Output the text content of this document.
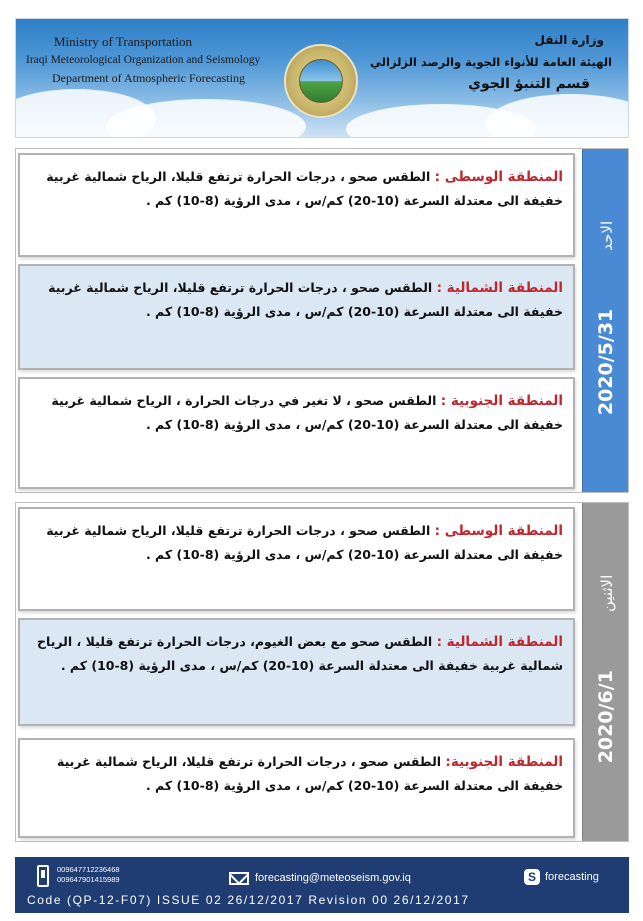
Ministry of Transportation
Iraqi Meteorological Organization and Seismology
Department of Atmospheric Forecasting
وزارة النقل
الهيئة العامة للأنواء الجوية والرصد الزلزالي
قسم التنبؤ الجوي

المنطقة الوسطى : الطقس صحو ، درجات الحرارة ترتفع قليلا، الرياح شمالية غربية خفيفة الى معتدلة السرعة (10-20) كم/س ، مدى الرؤية (8-10) كم .

المنطقة الشمالية : الطقس صحو ، درجات الحرارة ترتفع قليلا، الرياح شمالية غربية خفيفة الى معتدلة السرعة (10-20) كم/س ، مدى الرؤية (8-10) كم .

المنطقة الجنوبية : الطقس صحو ، لا تغير في درجات الحرارة ، الرياح شمالية غربية خفيفة الى معتدلة السرعة (10-20) كم/س ، مدى الرؤية (8-10) كم .

2020/5/31الاحد

المنطقة الوسطى : الطقس صحو ، درجات الحرارة ترتفع قليلا، الرياح شمالية غربية خفيفة الى معتدلة السرعة (10-20) كم/س ، مدى الرؤية (8-10) كم .

المنطقة الشمالية : الطقس صحو مع بعض الغيوم، درجات الحرارة ترتفع قليلا ، الرياح شمالية غربية خفيفة الى معتدلة السرعة (10-20) كم/س ، مدى الرؤية (8-10) كم .

المنطقة الجنوبية: الطقس صحو ، درجات الحرارة ترتفع قليلا، الرياح شمالية غربية خفيفة الى معتدلة السرعة (10-20) كم/س ، مدى الرؤية (8-10) كم .

2020/6/1الاثنين
009647712236468
009647901415989	forecasting@meteoseism.gov.iq	S forecasting
Code (QP-12-F07) ISSUE 02 26/12/2017 Revision 00 26/12/2017
